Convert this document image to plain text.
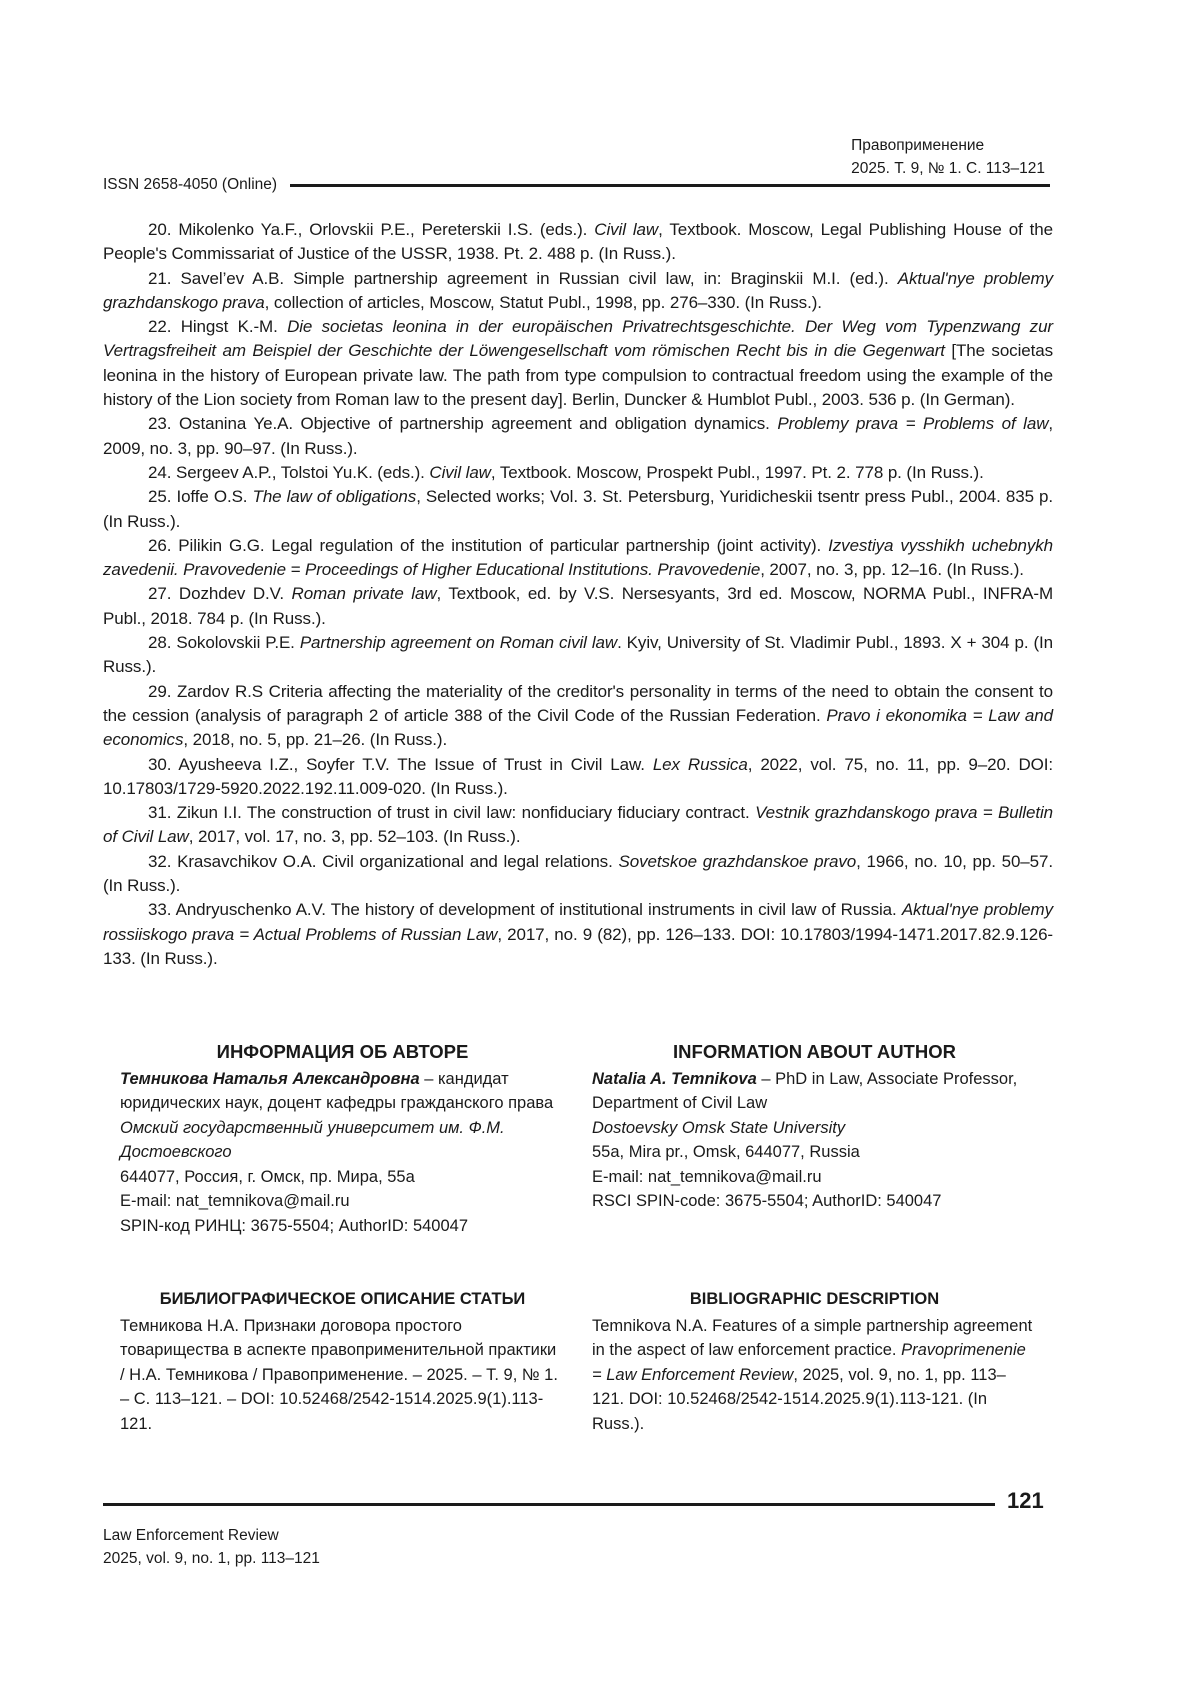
Правоприменение
2025. Т. 9, № 1. С. 113–121
ISSN 2658-4050 (Online)

20. Mikolenko Ya.F., Orlovskii P.E., Pereterskii I.S. (eds.). Civil law, Textbook. Moscow, Legal Publishing House of the People's Commissariat of Justice of the USSR, 1938. Pt. 2. 488 p. (In Russ.).

21. Savel’ev A.B. Simple partnership agreement in Russian civil law, in: Braginskii M.I. (ed.). Aktual'nye problemy grazhdanskogo prava, collection of articles, Moscow, Statut Publ., 1998, pp. 276–330. (In Russ.).

22. Hingst K.-M. Die societas leonina in der europäischen Privatrechtsgeschichte. Der Weg vom Typenzwang zur Vertragsfreiheit am Beispiel der Geschichte der Löwengesellschaft vom römischen Recht bis in die Gegenwart [The societas leonina in the history of European private law. The path from type compulsion to contractual freedom using the example of the history of the Lion society from Roman law to the present day]. Berlin, Duncker & Humblot Publ., 2003. 536 p. (In German).

23. Ostanina Ye.A. Objective of partnership agreement and obligation dynamics. Problemy prava = Problems of law, 2009, no. 3, pp. 90–97. (In Russ.).

24. Sergeev A.P., Tolstoi Yu.K. (eds.). Civil law, Textbook. Moscow, Prospekt Publ., 1997. Pt. 2. 778 p. (In Russ.).

25. Ioffe O.S. The law of obligations, Selected works; Vol. 3. St. Petersburg, Yuridicheskii tsentr press Publ., 2004. 835 p. (In Russ.).

26. Pilikin G.G. Legal regulation of the institution of particular partnership (joint activity). Izvestiya vysshikh uchebnykh zavedenii. Pravovedenie = Proceedings of Higher Educational Institutions. Pravovedenie, 2007, no. 3, pp. 12–16. (In Russ.).

27. Dozhdev D.V. Roman private law, Textbook, ed. by V.S. Nersesyants, 3rd ed. Moscow, NORMA Publ., INFRA-M Publ., 2018. 784 p. (In Russ.).

28. Sokolovskii P.E. Partnership agreement on Roman civil law. Kyiv, University of St. Vladimir Publ., 1893. X + 304 p. (In Russ.).

29. Zardov R.S Criteria affecting the materiality of the creditor's personality in terms of the need to obtain the consent to the cession (analysis of paragraph 2 of article 388 of the Civil Code of the Russian Federation. Pravo i ekonomika = Law and economics, 2018, no. 5, pp. 21–26. (In Russ.).

30. Ayusheeva I.Z., Soyfer T.V. The Issue of Trust in Civil Law. Lex Russica, 2022, vol. 75, no. 11, pp. 9–20. DOI: 10.17803/1729-5920.2022.192.11.009-020. (In Russ.).

31. Zikun I.I. The construction of trust in civil law: nonfiduciary fiduciary contract. Vestnik grazhdanskogo prava = Bulletin of Civil Law, 2017, vol. 17, no. 3, pp. 52–103. (In Russ.).

32. Krasavchikov O.A. Civil organizational and legal relations. Sovetskoe grazhdanskoe pravo, 1966, no. 10, pp. 50–57. (In Russ.).

33. Andryuschenko A.V. The history of development of institutional instruments in civil law of Russia. Aktual'nye problemy rossiiskogo prava = Actual Problems of Russian Law, 2017, no. 9 (82), pp. 126–133. DOI: 10.17803/1994-1471.2017.82.9.126-133. (In Russ.).

ИНФОРМАЦИЯ ОБ АВТОРЕ

Темникова Наталья Александровна – кандидат юридических наук, доцент кафедры гражданского права

Омский государственный университет им. Ф.М. Достоевского

644077, Россия, г. Омск, пр. Мира, 55а

E-mail: nat_temnikova@mail.ru

SPIN-код РИНЦ: 3675-5504; AuthorID: 540047

INFORMATION ABOUT AUTHOR

Natalia A. Temnikova – PhD in Law, Associate Professor, Department of Civil Law

Dostoevsky Omsk State University

55a, Mira pr., Omsk, 644077, Russia

E-mail: nat_temnikova@mail.ru

RSCI SPIN-code: 3675-5504; AuthorID: 540047

БИБЛИОГРАФИЧЕСКОЕ ОПИСАНИЕ СТАТЬИ

Темникова Н.А. Признаки договора простого товарищества в аспекте правоприменительной практики / Н.А. Темникова / Правоприменение. – 2025. – Т. 9, № 1. – С. 113–121. – DOI: 10.52468/2542-1514.2025.9(1).113-121.

BIBLIOGRAPHIC DESCRIPTION

Temnikova N.A. Features of a simple partnership agreement in the aspect of law enforcement practice. Pravoprimenenie = Law Enforcement Review, 2025, vol. 9, no. 1, pp. 113–121. DOI: 10.52468/2542-1514.2025.9(1).113-121. (In Russ.).

121
Law Enforcement Review
2025, vol. 9, no. 1, pp. 113–121
